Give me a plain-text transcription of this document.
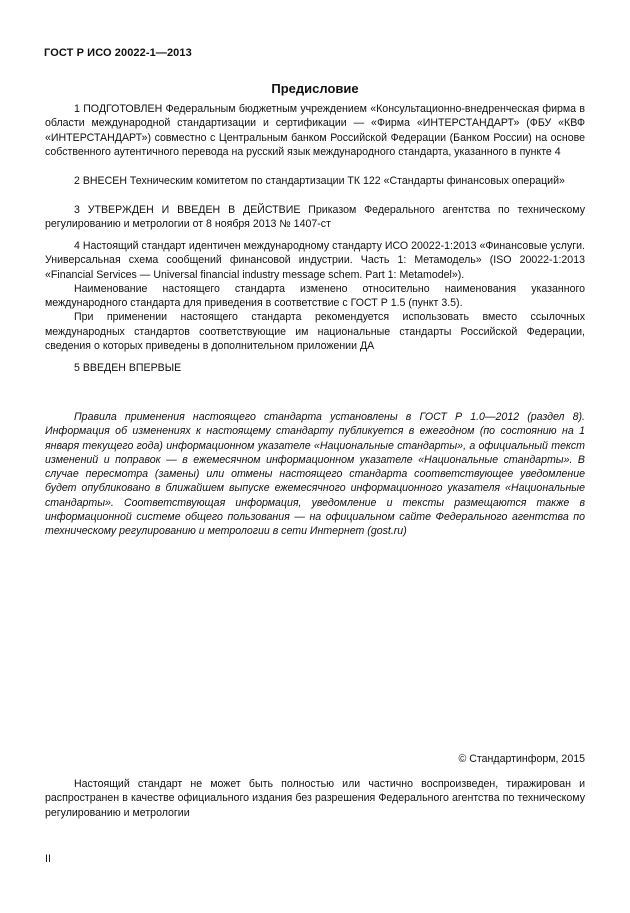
ГОСТ Р ИСО 20022-1—2013
Предисловие

1 ПОДГОТОВЛЕН Федеральным бюджетным учреждением «Консультационно-внедренческая фирма в области международной стандартизации и сертификации — «Фирма «ИНТЕРСТАНДАРТ» (ФБУ «КВФ «ИНТЕРСТАНДАРТ») совместно с Центральным банком Российской Федерации (Банком России) на основе собственного аутентичного перевода на русский язык международного стандарта, указанного в пункте 4

2 ВНЕСЕН Техническим комитетом по стандартизации ТК 122 «Стандарты финансовых операций»

3 УТВЕРЖДЕН И ВВЕДЕН В ДЕЙСТВИЕ Приказом Федерального агентства по техническому регулированию и метрологии от 8 ноября 2013 № 1407-ст

4 Настоящий стандарт идентичен международному стандарту ИСО 20022-1:2013 «Финансовые услуги. Универсальная схема сообщений финансовой индустрии. Часть 1: Метамодель» (ISO 20022-1:2013 «Financial Services — Universal financial industry message schem. Part 1: Metamodel»).

Наименование настоящего стандарта изменено относительно наименования указанного международного стандарта для приведения в соответствие с ГОСТ Р 1.5 (пункт 3.5).

При применении настоящего стандарта рекомендуется использовать вместо ссылочных международных стандартов соответствующие им национальные стандарты Российской Федерации, сведения о которых приведены в дополнительном приложении ДА

5 ВВЕДЕН ВПЕРВЫЕ

Правила применения настоящего стандарта установлены в ГОСТ Р 1.0—2012 (раздел 8). Информация об изменениях к настоящему стандарту публикуется в ежегодном (по состоянию на 1 января текущего года) информационном указателе «Национальные стандарты», а официальный текст изменений и поправок — в ежемесячном информационном указателе «Национальные стандарты». В случае пересмотра (замены) или отмены настоящего стандарта соответствующее уведомление будет опубликовано в ближайшем выпуске ежемесячного информационного указателя «Национальные стандарты». Соответствующая информация, уведомление и тексты размещаются также в информационной системе общего пользования — на официальном сайте Федерального агентства по техническому регулированию и метрологии в сети Интернет (gost.ru)

© Стандартинформ, 2015

Настоящий стандарт не может быть полностью или частично воспроизведен, тиражирован и распространен в качестве официального издания без разрешения Федерального агентства по техническому регулированию и метрологии

II
